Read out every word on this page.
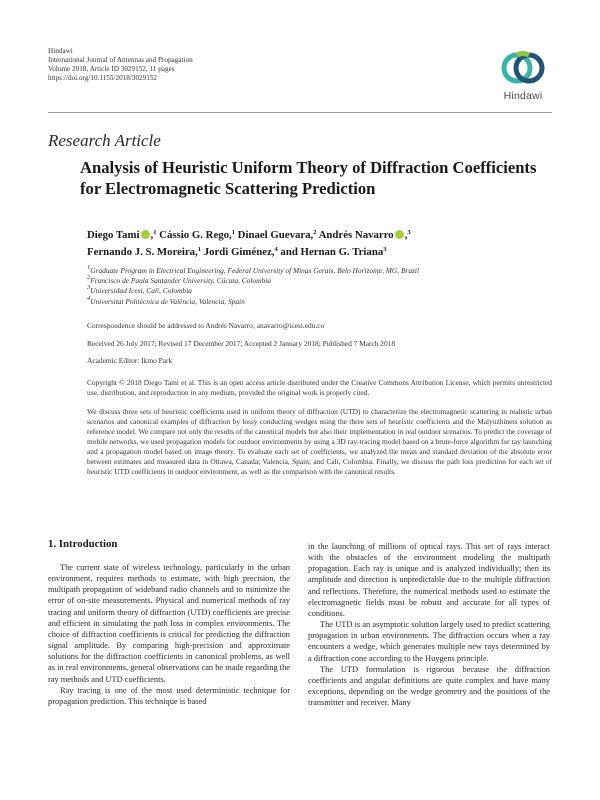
Hindawi
International Journal of Antennas and Propagation
Volume 2018, Article ID 3029152, 11 pages
https://doi.org/10.1155/2018/3029152
Hindawi
Research Article
Analysis of Heuristic Uniform Theory of Diffraction Coefficients for Electromagnetic Scattering Prediction
Diego Tami ,$^1$ Cássio G. Rego,$^1$ Dinael Guevara,$^2$ Andrés Navarro ,$^3$
Fernando J. S. Moreira,$^1$ Jordi Giménez,$^4$ and Hernan G. Triana$^3$
$^1$Graduate Program in Electrical Engineering, Federal University of Minas Gerais, Belo Horizonte, MG, Brazil
$^2$Francisco de Paula Santander University, Cúcuta, Colombia
$^3$Universidad Icesi, Cali, Colombia
$^4$Universitat Politècnica de València, Valencia, Spain
Correspondence should be addressed to Andrés Navarro; anavarro@icesi.edu.co
Received 26 July 2017; Revised 17 December 2017; Accepted 2 January 2018; Published 7 March 2018
Academic Editor: Ikmo Park
Copyright © 2018 Diego Tami et al. This is an open access article distributed under the Creative Commons Attribution License, which permits unrestricted use, distribution, and reproduction in any medium, provided the original work is properly cited.
We discuss three sets of heuristic coefficients used in uniform theory of diffraction (UTD) to characterize the electromagnetic scattering in realistic urban scenarios and canonical examples of diffraction by lossy conducting wedges using the three sets of heuristic coefficients and the Malyuzhinets solution as reference model. We compare not only the results of the canonical models but also their implementation in real outdoor scenarios. To predict the coverage of mobile networks, we used propagation models for outdoor environments by using a 3D ray-tracing model based on a brute-force algorithm for ray launching and a propagation model based on image theory. To evaluate each set of coefficients, we analyzed the mean and standard deviation of the absolute error between estimates and measured data in Ottawa, Canada; Valencia, Spain; and Cali, Colombia. Finally, we discuss the path loss prediction for each set of heuristic UTD coefficients in outdoor environment, as well as the comparison with the canonical results.
1. Introduction

The current state of wireless technology, particularly in the urban environment, requires methods to estimate, with high precision, the multipath propagation of wideband radio channels and to minimize the error of on-site measurements. Physical and numerical methods of ray tracing and uniform theory of diffraction (UTD) coefficients are precise and efficient in simulating the path loss in complex environments. The choice of diffraction coefficients is critical for predicting the diffraction signal amplitude. By comparing high-precision and approximate solutions for the diffraction coefficients in canonical problems, as well as in real environments, general observations can be made regarding the ray methods and UTD coefficients.

Ray tracing is one of the most used deterministic technique for propagation prediction. This technique is based

in the launching of millions of optical rays. This set of rays interact with the obstacles of the environment modeling the multipath propagation. Each ray is unique and is analyzed individually; then its amplitude and direction is unpredictable due to the multiple diffraction and reflections. Therefore, the numerical methods used to estimate the electromagnetic fields must be robust and accurate for all types of conditions.

The UTD is an asymptotic solution largely used to predict scattering propagation in urban environments. The diffraction occurs when a ray encounters a wedge, which generates multiple new rays determined by a diffraction cone according to the Huygens principle.

The UTD formulation is rigorous because the diffraction coefficients and angular definitions are quite complex and have many exceptions, depending on the wedge geometry and the positions of the transmitter and receiver. Many
